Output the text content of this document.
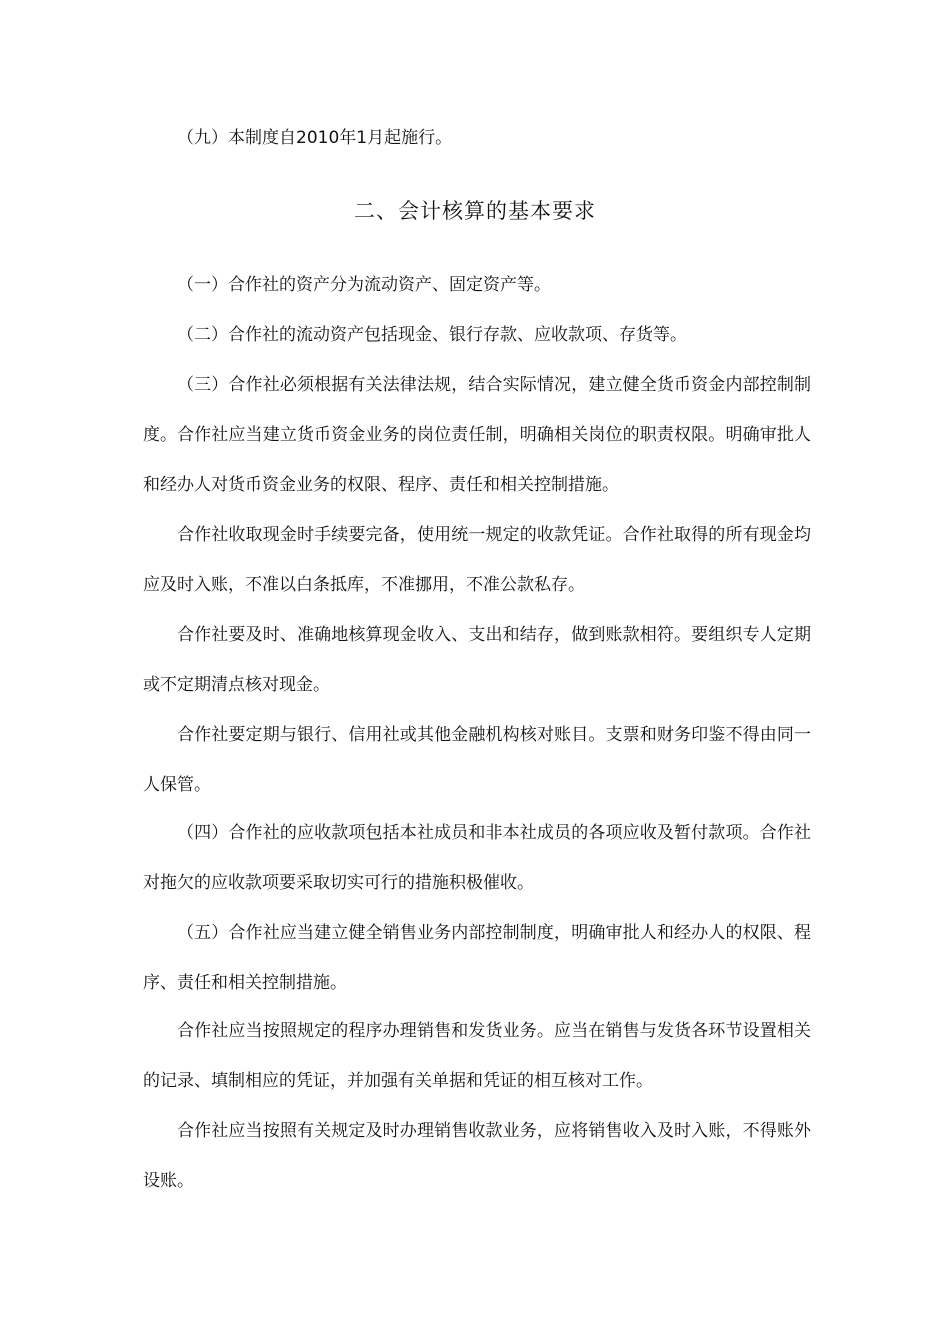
（九）本制度自2010年1月起施行。

二、会计核算的基本要求

（一）合作社的资产分为流动资产、固定资产等。

（二）合作社的流动资产包括现金、银行存款、应收款项、存货等。

（三）合作社必须根据有关法律法规，结合实际情况，建立健全货币资金内部控制制度。 合作社应当建立货币资金业务的岗位责任制，明确相关岗位的职责权限。明确审批人和经办人对货币资金业务的权限、程序、责任和相关控制措施。

合作社收取现金时手续要完备，使用统一规定的收款凭证。合作社取得的所有现金均应及时入账，不准以白条抵库，不准挪用，不准公款私存。

合作社要及时、准确地核算现金收入、支出和结存，做到账款相符。要组织专人定期或不定期清点核对现金。

合作社要定期与银行、信用社或其他金融机构核对账目。支票和财务印鉴不得由同一人保管。

（四）合作社的应收款项包括本社成员和非本社成员的各项应收及暂付款项。合作社对拖欠的应收款项要采取切实可行的措施积极催收。

（五）合作社应当建立健全销售业务内部控制制度，明确审批人和经办人的权限、程序、责任和相关控制措施。

合作社应当按照规定的程序办理销售和发货业务。应当在销售与发货各环节设置相关的记录、填制相应的凭证，并加强有关单据和凭证的相互核对工作。

合作社应当按照有关规定及时办理销售收款业务，应将销售收入及时入账，不得账外设账。
